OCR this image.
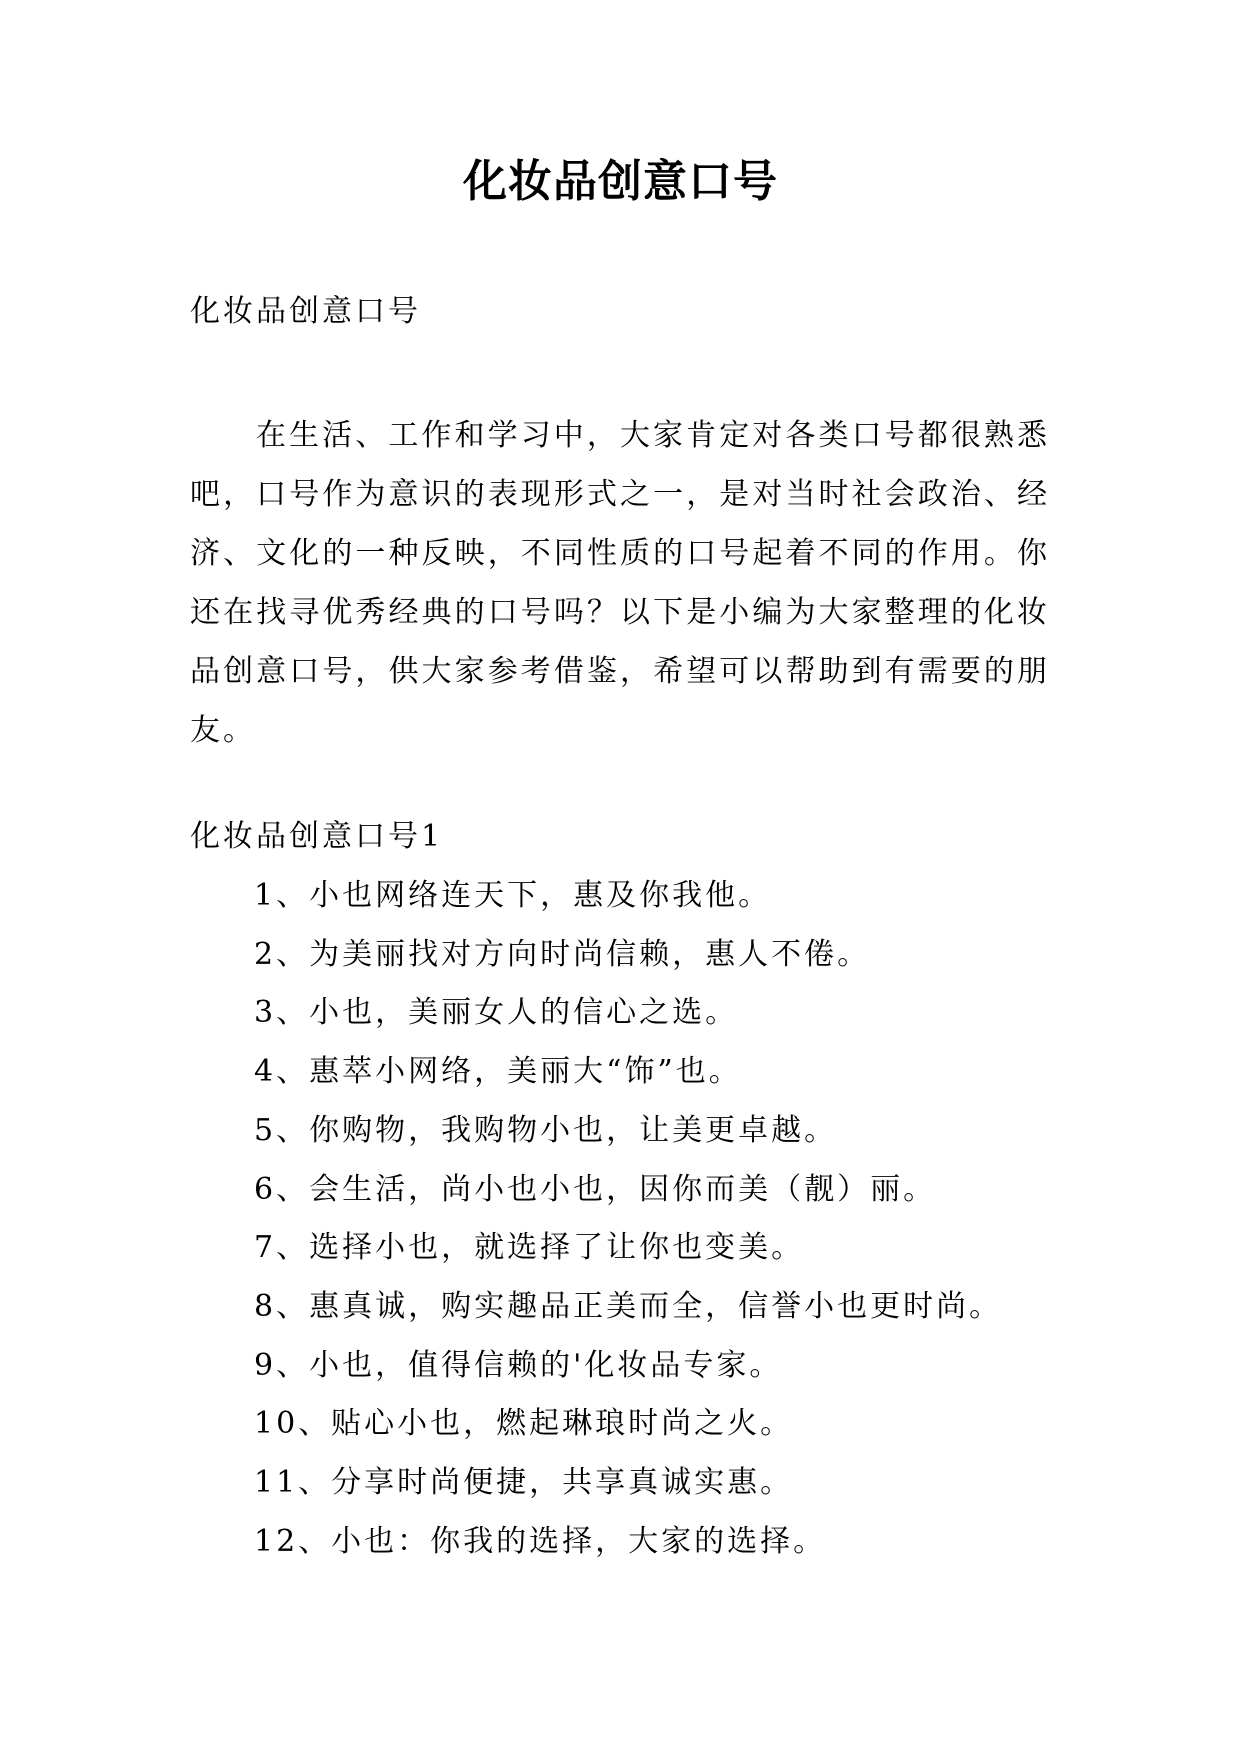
化妆品创意口号
化妆品创意口号

在生活、工作和学习中，大家肯定对各类口号都很熟悉吧，口号作为意识的表现形式之一，是对当时社会政治、经济、文化的一种反映，不同性质的口号起着不同的作用。你还在找寻优秀经典的口号吗？以下是小编为大家整理的化妆品创意口号，供大家参考借鉴，希望可以帮助到有需要的朋友。

化妆品创意口号1
1、小也网络连天下，惠及你我他。
2、为美丽找对方向时尚信赖，惠人不倦。
3、小也，美丽女人的信心之选。
4、惠萃小网络，美丽大“饰”也。
5、你购物，我购物小也，让美更卓越。
6、会生活，尚小也小也，因你而美（靓）丽。
7、选择小也，就选择了让你也变美。
8、惠真诚，购实趣品正美而全，信誉小也更时尚。
9、小也，值得信赖的'化妆品专家。
10、贴心小也，燃起琳琅时尚之火。
11、分享时尚便捷，共享真诚实惠。
12、小也：你我的选择，大家的选择。
